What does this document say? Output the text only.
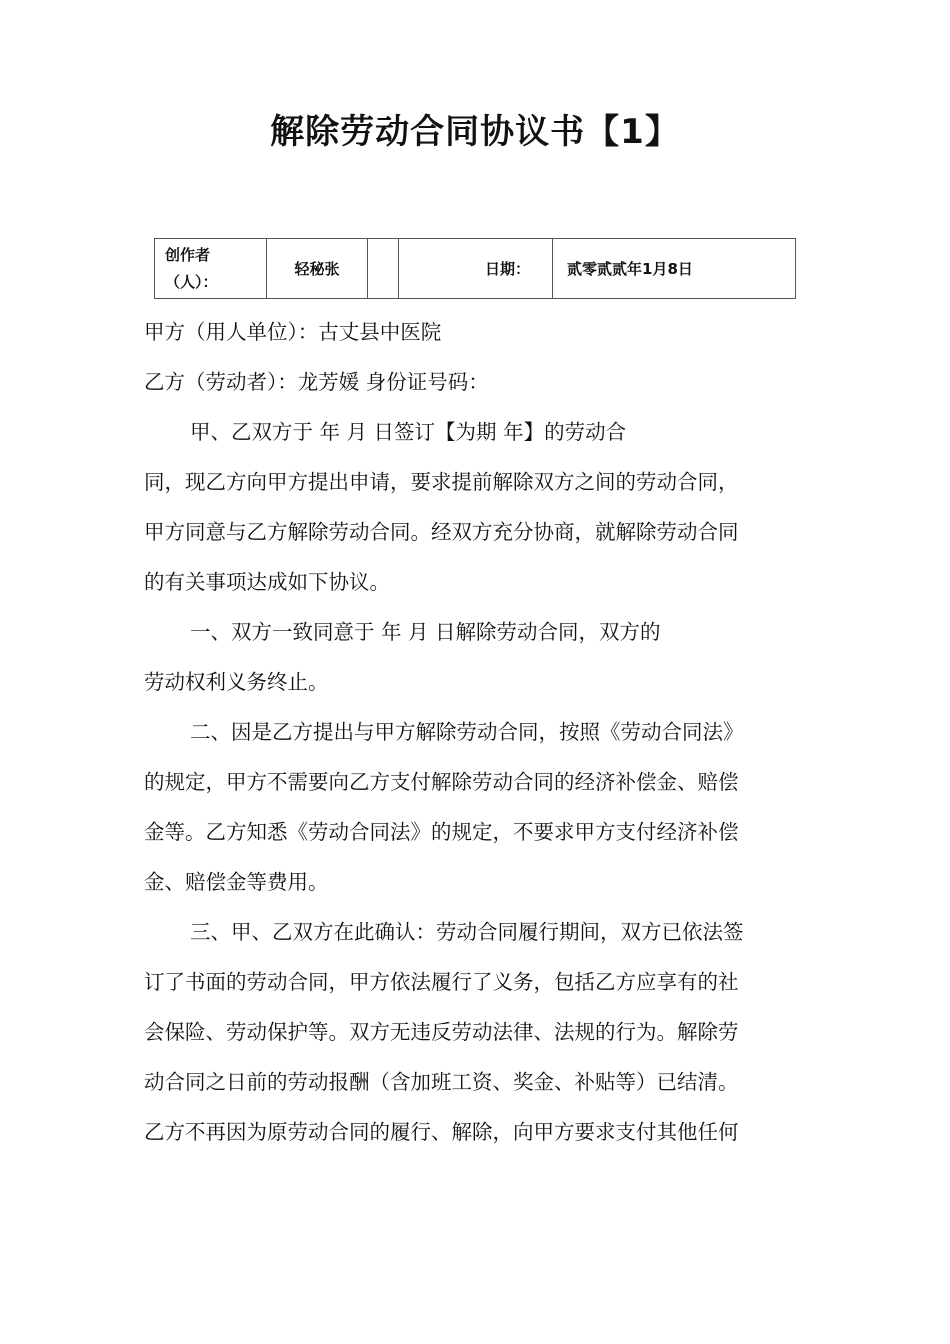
解除劳动合同协议书【1】
创作者
（人）：
	轻秘张		日期：	贰零贰贰年1月8日
甲方（用人单位）：古丈县中医院
乙方（劳动者）：龙芳媛 身份证号码：
甲、乙双方于 年 月 日签订【为期 年】的劳动合
同，现乙方向甲方提出申请，要求提前解除双方之间的劳动合同，
甲方同意与乙方解除劳动合同。经双方充分协商，就解除劳动合同
的有关事项达成如下协议。
一、双方一致同意于 年 月 日解除劳动合同，双方的
劳动权利义务终止。
二、因是乙方提出与甲方解除劳动合同，按照《劳动合同法》
的规定，甲方不需要向乙方支付解除劳动合同的经济补偿金、赔偿
金等。乙方知悉《劳动合同法》的规定，不要求甲方支付经济补偿
金、赔偿金等费用。
三、甲、乙双方在此确认：劳动合同履行期间，双方已依法签
订了书面的劳动合同，甲方依法履行了义务，包括乙方应享有的社
会保险、劳动保护等。双方无违反劳动法律、法规的行为。解除劳
动合同之日前的劳动报酬（含加班工资、奖金、补贴等）已结清。
乙方不再因为原劳动合同的履行、解除，向甲方要求支付其他任何
